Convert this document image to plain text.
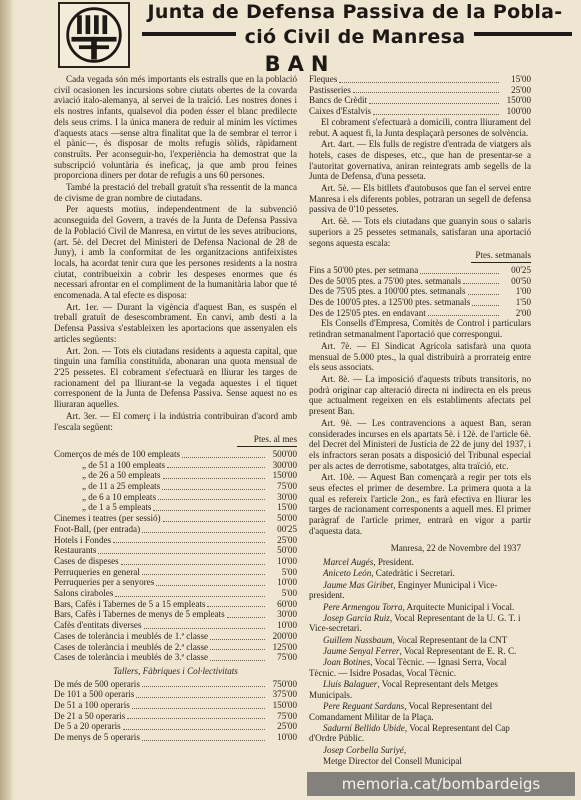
Junta de Defensa Passiva de la Pobla-
ció Civil de Manresa
BAN

Cada vegada són més importants els estralls que en la població civil ocasionen les incursions sobre ciutats obertes de la covarda aviació italo-alemanya, al servei de la traïció. Les nostres dones i els nostres infants, qualsevol dia poden ésser el blanc predilecte dels seus crims. I la única manera de reduir al mínim les víctimes d'aquests atacs —sense altra finalitat que la de sembrar el terror i el pànic—, és disposar de molts refugis sòlids, ràpidament construïts. Per aconseguir-ho, l'experiència ha demostrat que la subscripció voluntària és ineficaç, ja que amb prou feines proporciona diners per dotar de refugis a uns 60 persones.

També la prestació del treball gratuït s'ha ressentit de la manca de civisme de gran nombre de ciutadans.

Per aquests motius, independentment de la subvenció aconseguida del Govern, a través de la Junta de Defensa Passiva de la Població Civil de Manresa, en virtut de les seves atribucions, (art. 5è. del Decret del Ministeri de Defensa Nacional de 28 de Juny), i amb la conformitat de les organitzacions antifeixistes locals, ha acordat tenir cura que les persones residents a la nostra ciutat, contribueixin a cobrir les despeses enormes que és necessari afrontar en el compliment de la humanitària labor que té encomenada. A tal efecte es disposa:

Art. 1er. — Durant la vigència d'aquest Ban, es suspén el treball gratuït de desescombrament. En canvi, amb destí a la Defensa Passiva s'estableixen les aportacions que assenyalen els articles següents:

Art. 2on. — Tots els ciutadans residents a aquesta capital, que tinguin una família constituïda, abonaran una quota mensual de 2'25 pessetes. El cobrament s'efectuarà en lliurar les targes de racionament del pa lliurant-se la vegada aquestes i el tiquet corresponent de la Junta de Defensa Passiva. Sense aquest no es lliuraran aquelles.

Art. 3er. — El comerç i la indústria contribuiran d'acord amb l'escala següent:

Ptes. al mes
Comerços de més de 100 empleats	500'00
„ de 51 a 100 empleats	300'00
„ de 26 a 50 empleats	150'00
„ de 11 a 25 empleats	75'00
„ de 6 a 10 empleats	30'00
„ de 1 a 5 empleats	15'00
Cinemes i teatres (per sessió)	50'00
Foot-Ball, (per entrada)	00'25
Hotels i Fondes	25'00
Restaurants	50'00
Cases de dispeses	10'00
Perruqueries en general	5'00
Perruqueries per a senyores	10'00
Salons ciraboles	5'00
Bars, Cafès i Tabernes de 5 a 15 empleats	60'00
Bars, Cafès i Tabernes de menys de 5 empleats	30'00
Cafès d'entitats diverses	10'00
Cases de tolerància i meublés de 1.ª classe	200'00
Cases de tolerància i meublés de 2.ª classe	125'00
Cases de tolerància i meublés de 3.ª classe	75'00
Tallers, Fàbriques i Col·lectivitats
De més de 500 operaris	750'00
De 101 a 500 operaris	375'00
De 51 a 100 operaris	150'00
De 21 a 50 operaris	75'00
De 5 a 20 operaris	25'00
De menys de 5 operaris	10'00
Fleques	15'00
Pastisseries	25'00
Bancs de Crèdit	150'00
Caixes d'Estalvis	100'00

El cobrament s'efectuarà a domicili, contra lliurament del rebut. A aquest fi, la Junta desplaçarà persones de solvència.

Art. 4art. — Els fulls de registre d'entrada de viatgers als hotels, cases de dispeses, etc., que han de presentar-se a l'autoritat governativa, aniran reintegrats amb segells de la Junta de Defensa, d'una pesseta.

Art. 5è. — Els bitllets d'autobusos que fan el servei entre Manresa i els diferents pobles, potraran un segell de defensa passiva de 0'10 pessetes.

Art. 6è. — Tots els ciutadans que guanyin sous o salaris superiors a 25 pessetes setmanals, satisfaran una aportació segons aquesta escala:

Ptes. setmanals
Fins a 50'00 ptes. per setmana	00'25
Des de 50'05 ptes. a 75'00 ptes. setmanals	00'50
Des de 75'05 ptes. a 100'00 ptes. setmanals	1'00
Des de 100'05 ptes. a 125'00 ptes. setmanals	1'50
Des de 125'05 ptes. en endavant	2'00

Els Consells d'Empresa, Comitès de Control i particulars retindran setmanalment l'aportació que correspongui.

Art. 7è. — El Sindicat Agrícola satisfarà una quota mensual de 5.000 ptes., la qual distribuirà a prorrateig entre els seus associats.

Art. 8è. — La imposició d'aquests tributs transitoris, no podrà originar cap alteració directa ni indirecta en els preus que actualment regeixen en els establiments afectats pel present Ban.

Art. 9è. — Les contravencions a aquest Ban, seran considerades incurses en els apartats 5è. i 12è. de l'article 6è. del Decret del Ministeri de Justícia de 22 de juny del 1937, i els infractors seran posats a disposició del Tribunal especial per als actes de derrotisme, sabotatges, alta traïció, etc.

Art. 10è. — Aquest Ban començarà a regir per tots els seus efectes el primer de desembre. La primera quota a la qual es refereix l'article 2on., es farà efectiva en lliurar les targes de racionament corresponents a aquell mes. El primer paràgraf de l'article primer, entrarà en vigor a partir d'aquesta data.

Manresa, 22 de Novembre del 1937
Marcel Augés, President.
Aniceto León, Catedràtic i Secretari.
Jaume Mas Giribet, Enginyer Municipal i Vice-president.
Pere Armengou Torra, Arquitecte Municipal i Vocal.
Josep Garcia Ruiz, Vocal Representant de la U. G. T. i Vice-secretari.
Guillem Nussbaum, Vocal Representant de la CNT
Jaume Senyal Ferrer, Vocal Representant de E. R. C.
Joan Botines, Vocal Tècnic. — Ignasi Serra, Vocal Tècnic. — Isidre Posadas, Vocal Tècnic.
Lluís Balaguer, Vocal Representant dels Metges Municipals.
Pere Reguant Sardans, Vocal Representant del Comandament Militar de la Plaça.
Sadurní Bellido Ubide, Vocal Representant del Cap d'Ordre Públic.
Josep Corbella Suriyé,
Metge Director del Consell Municipal
memoria.cat/bombardeigs
